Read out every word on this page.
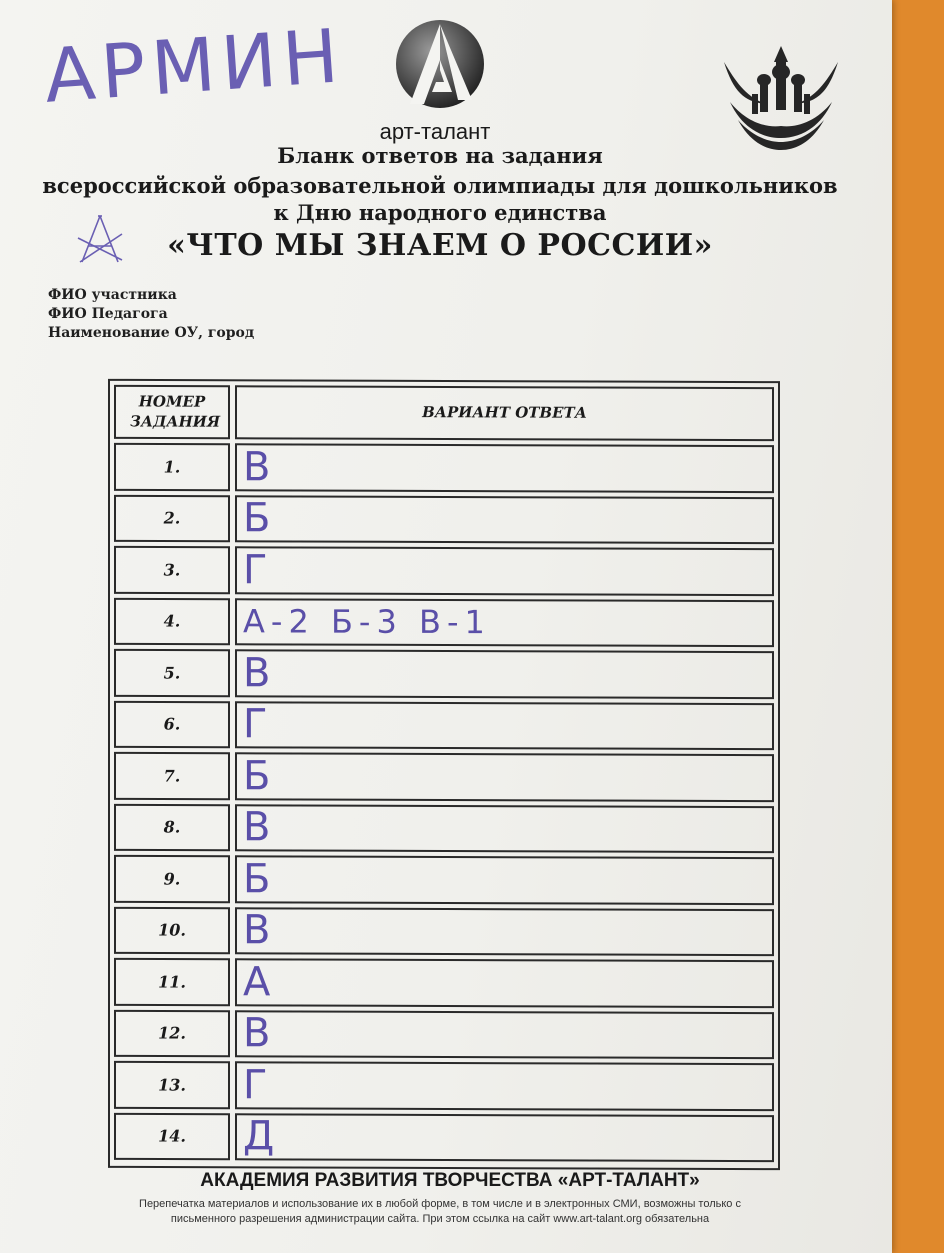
АРМИН
арт-талант
Бланк ответов на задания
всероссийской образовательной олимпиады для дошкольников
к Дню народного единства
«ЧТО МЫ ЗНАЕМ О РОССИИ»
ФИО участника
ФИО Педагога
Наименование ОУ, город
НОМЕР ЗАДАНИЯ	ВАРИАНТ ОТВЕТА
1.	В
2.	Б
3.	Г
4.	А-2 Б-3 В-1
5.	В
6.	Г
7.	Б
8.	В
9.	Б
10.	В
11.	А
12.	В
13.	Г
14.	Д
АКАДЕМИЯ РАЗВИТИЯ ТВОРЧЕСТВА «АРТ-ТАЛАНТ»
Перепечатка материалов и использование их в любой форме, в том числе и в электронных СМИ, возможны только с
письменного разрешения администрации сайта. При этом ссылка на сайт www.art-talant.org обязательна
